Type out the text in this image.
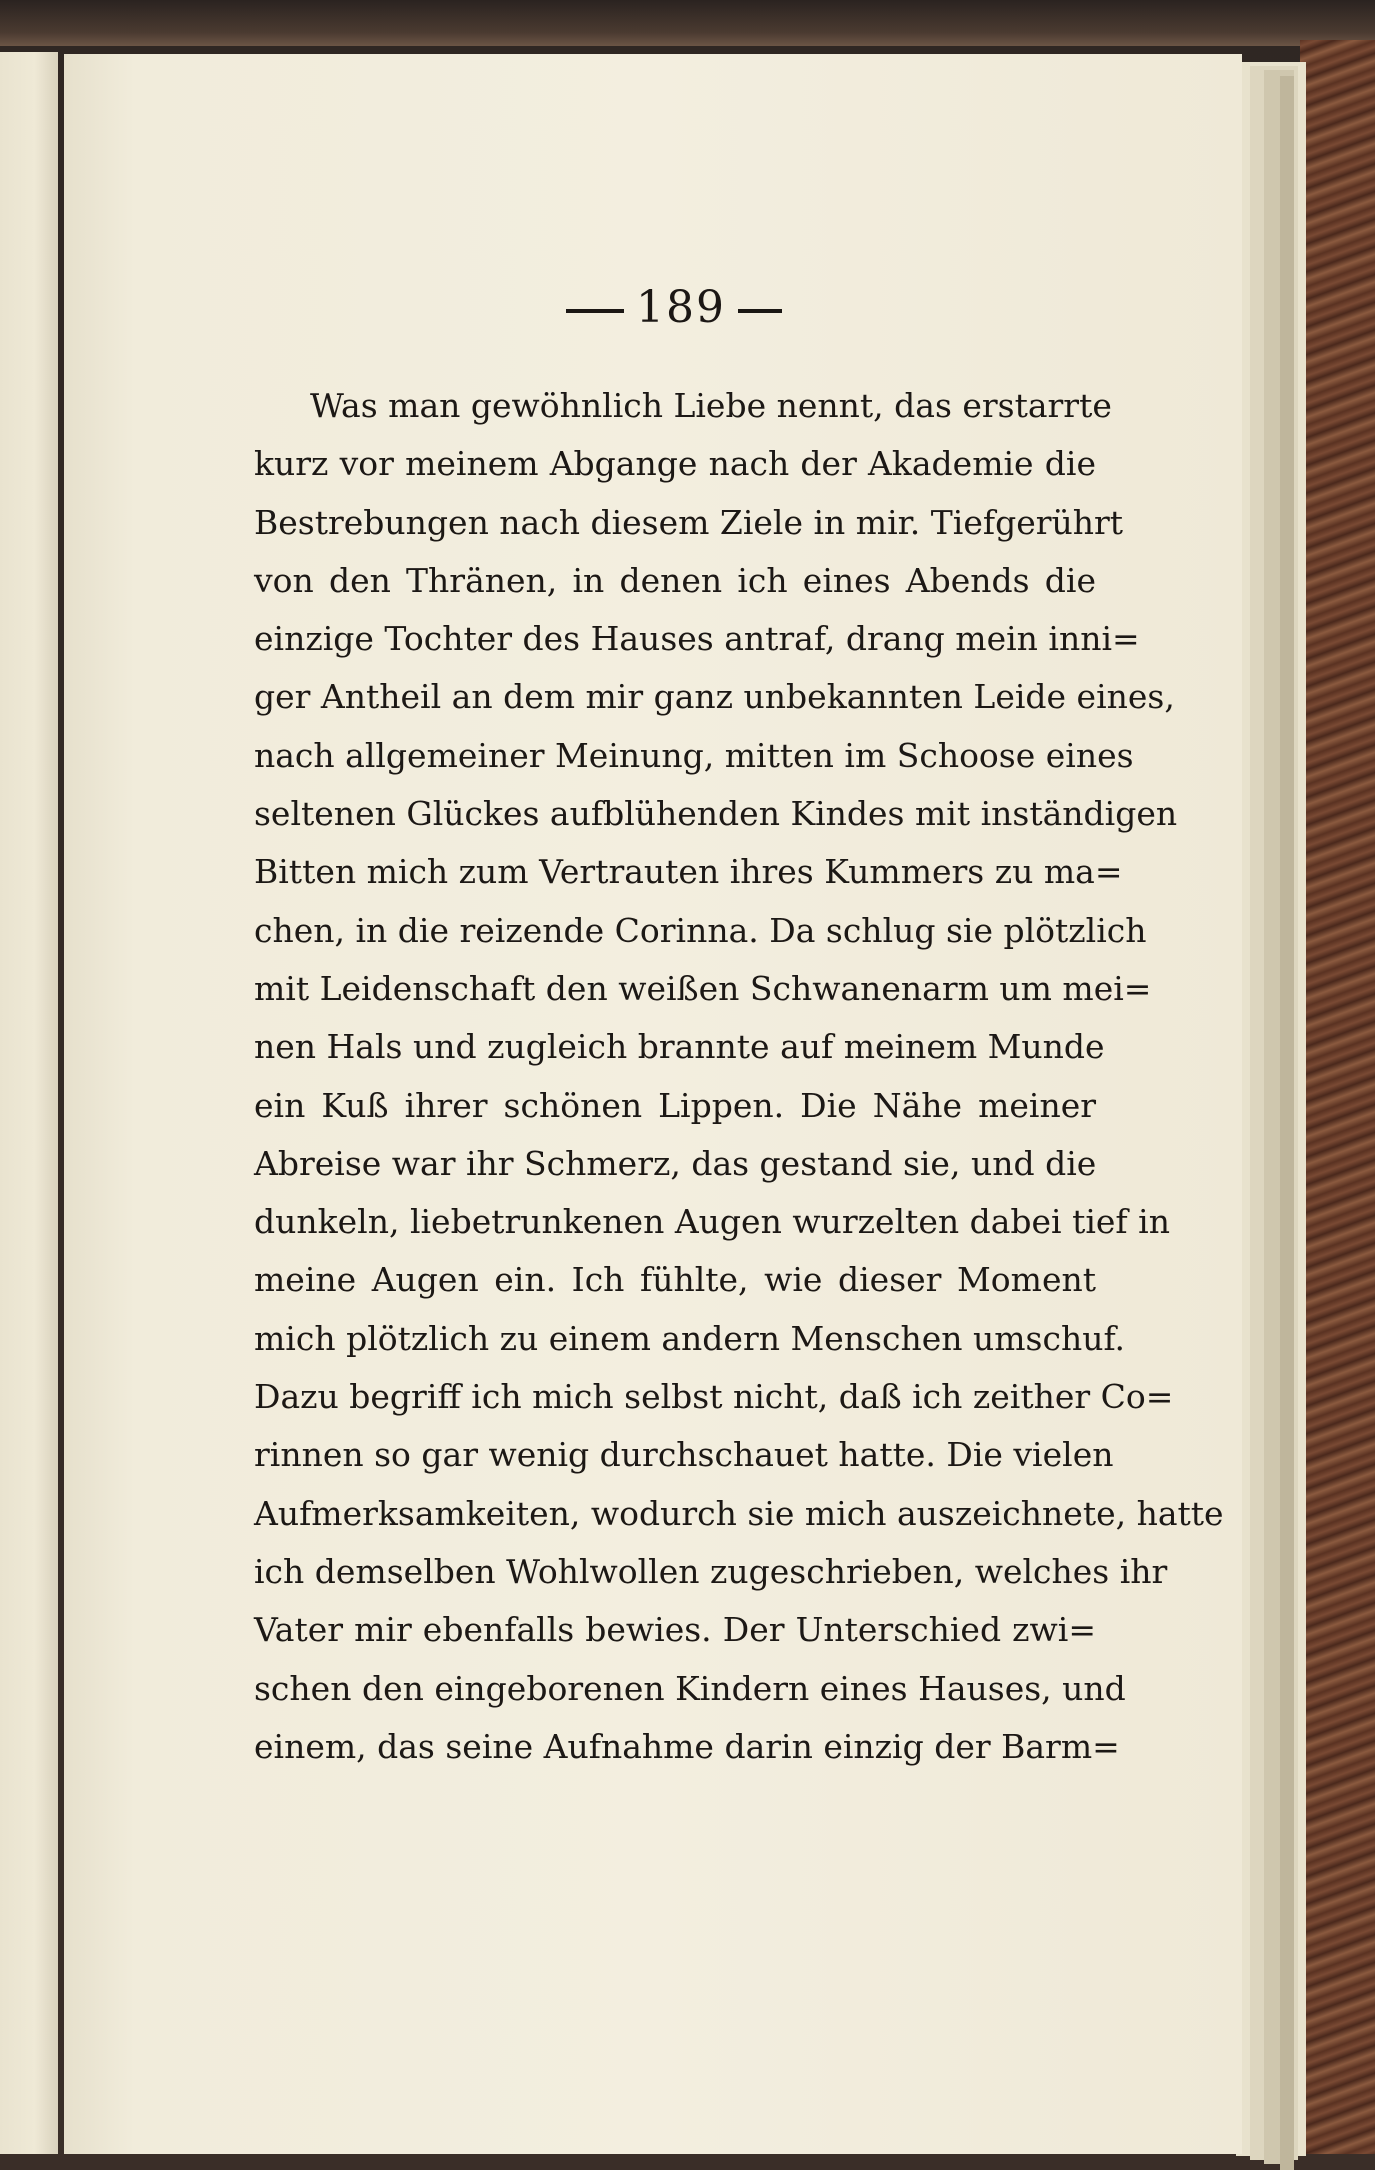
189
Was man gewöhnlich Liebe nennt, das erstarrte
kurz vor meinem Abgange nach der Akademie die
Bestrebungen nach diesem Ziele in mir. Tiefgerührt
von den Thränen, in denen ich eines Abends die
einzige Tochter des Hauses antraf, drang mein inni=
ger Antheil an dem mir ganz unbekannten Leide eines,
nach allgemeiner Meinung, mitten im Schoose eines
seltenen Glückes aufblühenden Kindes mit inständigen
Bitten mich zum Vertrauten ihres Kummers zu ma=
chen, in die reizende Corinna. Da schlug sie plötzlich
mit Leidenschaft den weißen Schwanenarm um mei=
nen Hals und zugleich brannte auf meinem Munde
ein Kuß ihrer schönen Lippen. Die Nähe meiner
Abreise war ihr Schmerz, das gestand sie, und die
dunkeln, liebetrunkenen Augen wurzelten dabei tief in
meine Augen ein. Ich fühlte, wie dieser Moment
mich plötzlich zu einem andern Menschen umschuf.
Dazu begriff ich mich selbst nicht, daß ich zeither Co=
rinnen so gar wenig durchschauet hatte. Die vielen
Aufmerksamkeiten, wodurch sie mich auszeichnete, hatte
ich demselben Wohlwollen zugeschrieben, welches ihr
Vater mir ebenfalls bewies. Der Unterschied zwi=
schen den eingeborenen Kindern eines Hauses, und
einem, das seine Aufnahme darin einzig der Barm=
